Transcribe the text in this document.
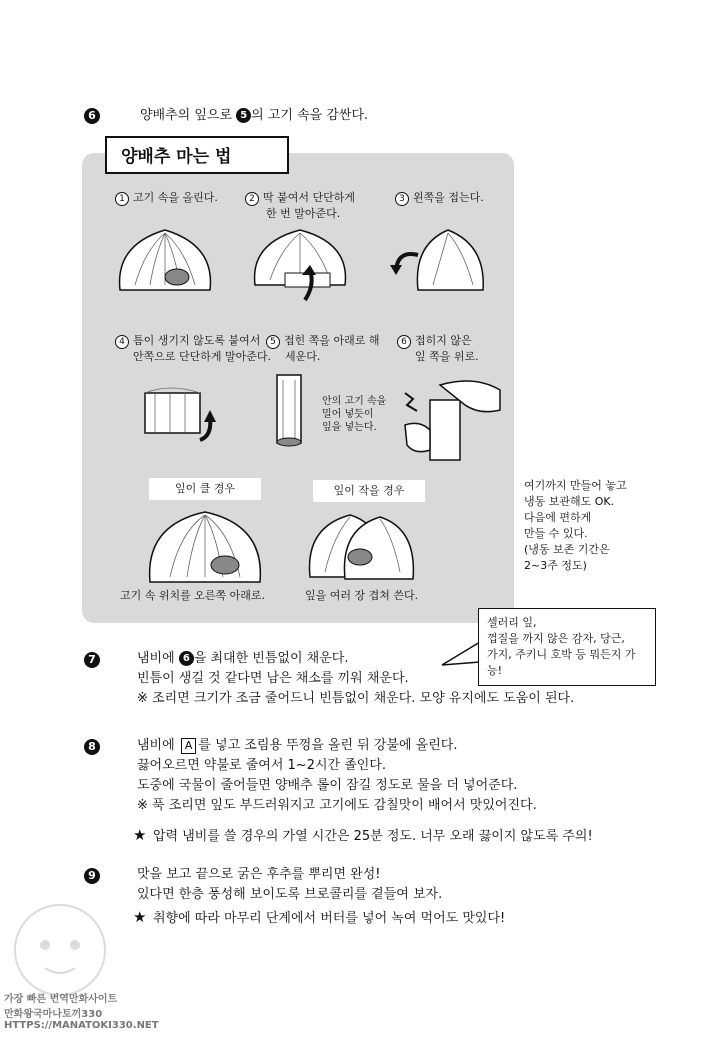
6	양배추의 잎으로 5 의 고기 속을 감싼다.
양배추 마는 법
1 고기 속을 올린다.	2 딱 붙여서 단단하게
한 번 말아준다.
3 왼쪽을 접는다.
4 틈이 생기지 않도록 붙여서
안쪽으로 단단하게 말아준다.
5 접힌 쪽을 아래로 해
세운다.
6 접히지 않은
잎 쪽을 위로.
안의 고기 속을
밀어 넣듯이
잎을 넣는다.
잎이 클 경우	잎이 작을 경우
고기 속 위치를 오른쪽 아래로.	잎을 여러 장 겹쳐 쓴다.
여기까지 만들어 놓고
냉동 보관해도 OK.
다음에 편하게
만들 수 있다.
(냉동 보존 기간은
2~3주 정도)
셀러리 잎,
껍질을 까지 않은 감자, 당근,
가지, 주키니 호박 등 뭐든지 가능!
7	냄비에 6 을 최대한 빈틈없이 채운다.
빈틈이 생길 것 같다면 남은 채소를 끼워 채운다.
※ 조리면 크기가 조금 줄어드니 빈틈없이 채운다. 모양 유지에도 도움이 된다.
8	냄비에 A 를 넣고 조림용 뚜껑을 올린 뒤 강불에 올린다.
끓어오르면 약불로 줄여서 1~2시간 졸인다.
도중에 국물이 줄어들면 양배추 롤이 잠길 정도로 물을 더 넣어준다.
※ 푹 조리면 잎도 부드러워지고 고기에도 감칠맛이 배어서 맛있어진다.
★ 압력 냄비를 쓸 경우의 가열 시간은 25분 정도. 너무 오래 끓이지 않도록 주의!
9	맛을 보고 끝으로 굵은 후추를 뿌리면 완성!
있다면 한층 풍성해 보이도록 브로콜리를 곁들여 보자.
★ 취향에 따라 마무리 단계에서 버터를 넣어 녹여 먹어도 맛있다!
가장 빠른 번역만화사이트
만화왕국마나토끼330
HTTPS://MANATOKI330.NET
